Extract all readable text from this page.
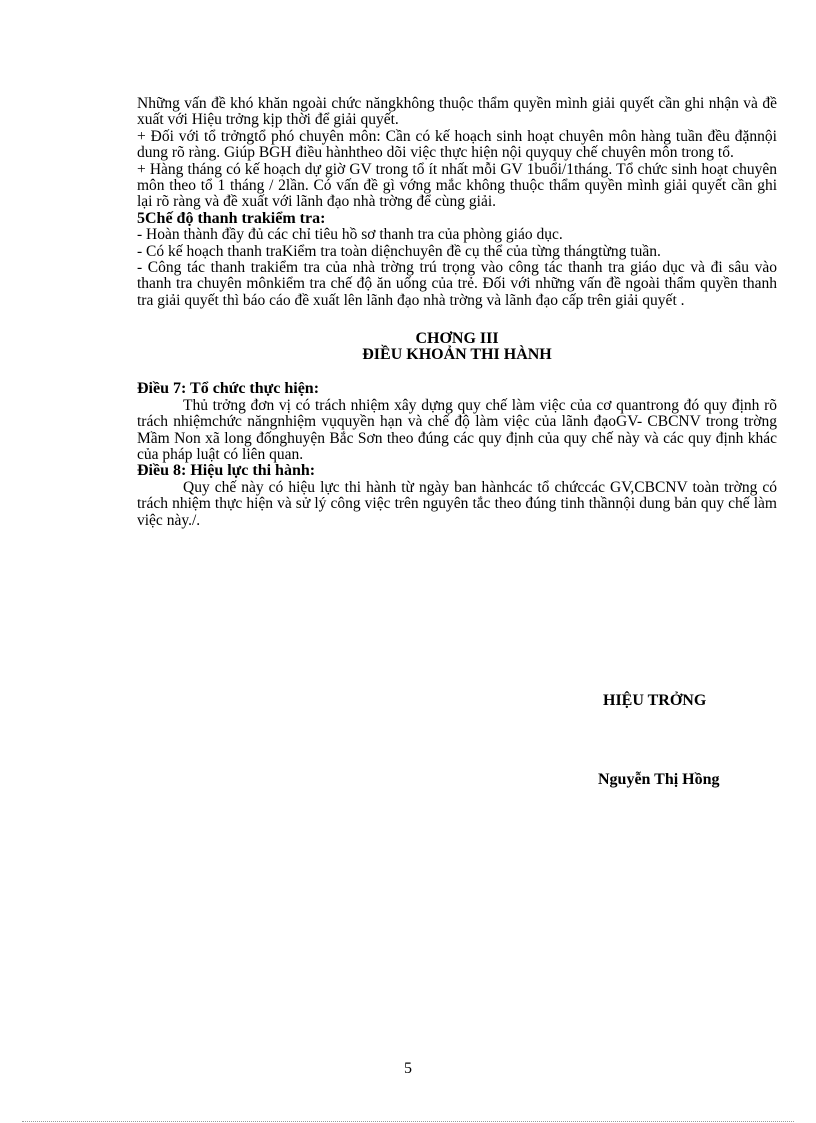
Những vấn đề khó khăn ngoài chức năngkhông thuộc thẩm quyền mình giải quyết cần ghi nhận và đề xuất với Hiệu trởng kịp thời để giải quyết.

+ Đối với tổ trởngtổ phó chuyên môn: Cần có kế hoạch sinh hoạt chuyên môn hàng tuần đều đặnnội dung rõ ràng. Giúp BGH điều hànhtheo dõi việc thực hiện nội quyquy chế chuyên môn trong tổ.

+ Hàng tháng có kế hoạch dự giờ GV trong tổ ít nhất mỗi GV 1buổi/1tháng. Tổ chức sinh hoạt chuyên môn theo tổ 1 tháng / 2lần. Có vấn đề gì vớng mắc không thuộc thẩm quyền mình giải quyết cần ghi lại rõ ràng và đề xuất với lãnh đạo nhà trờng để cùng giải.

5Chế độ thanh trakiểm tra:

- Hoàn thành đầy đủ các chỉ tiêu hồ sơ thanh tra của phòng giáo dục.

- Có kế hoạch thanh traKiểm tra toàn diệnchuyên đề cụ thể của từng thángtừng tuần.

- Công tác thanh trakiểm tra của nhà trờng trú trọng vào công tác thanh tra giáo dục và đi sâu vào thanh tra chuyên mônkiểm tra chế độ ăn uống của trẻ. Đối với những vấn đề ngoài thẩm quyền thanh tra giải quyết thì báo cáo đề xuất lên lãnh đạo nhà trờng và lãnh đạo cấp trên giải quyết .

CHƠNG III

ĐIỀU KHOẢN THI HÀNH

Điều 7: Tổ chức thực hiện:

Thủ trởng đơn vị có trách nhiệm xây dựng quy chế làm việc của cơ quantrong đó quy định rõ trách nhiệmchức năngnhiệm vụquyền hạn và chế độ làm việc của lãnh đạoGV- CBCNV trong trờng Mầm Non xã long đốnghuyện Bắc Sơn theo đúng các quy định của quy chế này và các quy định khác của pháp luật có liên quan.

Điều 8: Hiệu lực thi hành:

Quy chế này có hiệu lực thi hành từ ngày ban hànhcác tổ chứccác GV,CBCNV toàn trờng có trách nhiệm thực hiện và sử lý công việc trên nguyên tắc theo đúng tinh thầnnội dung bản quy chế làm việc này./.

HIỆU TRỞNG
Nguyễn Thị Hồng
5
